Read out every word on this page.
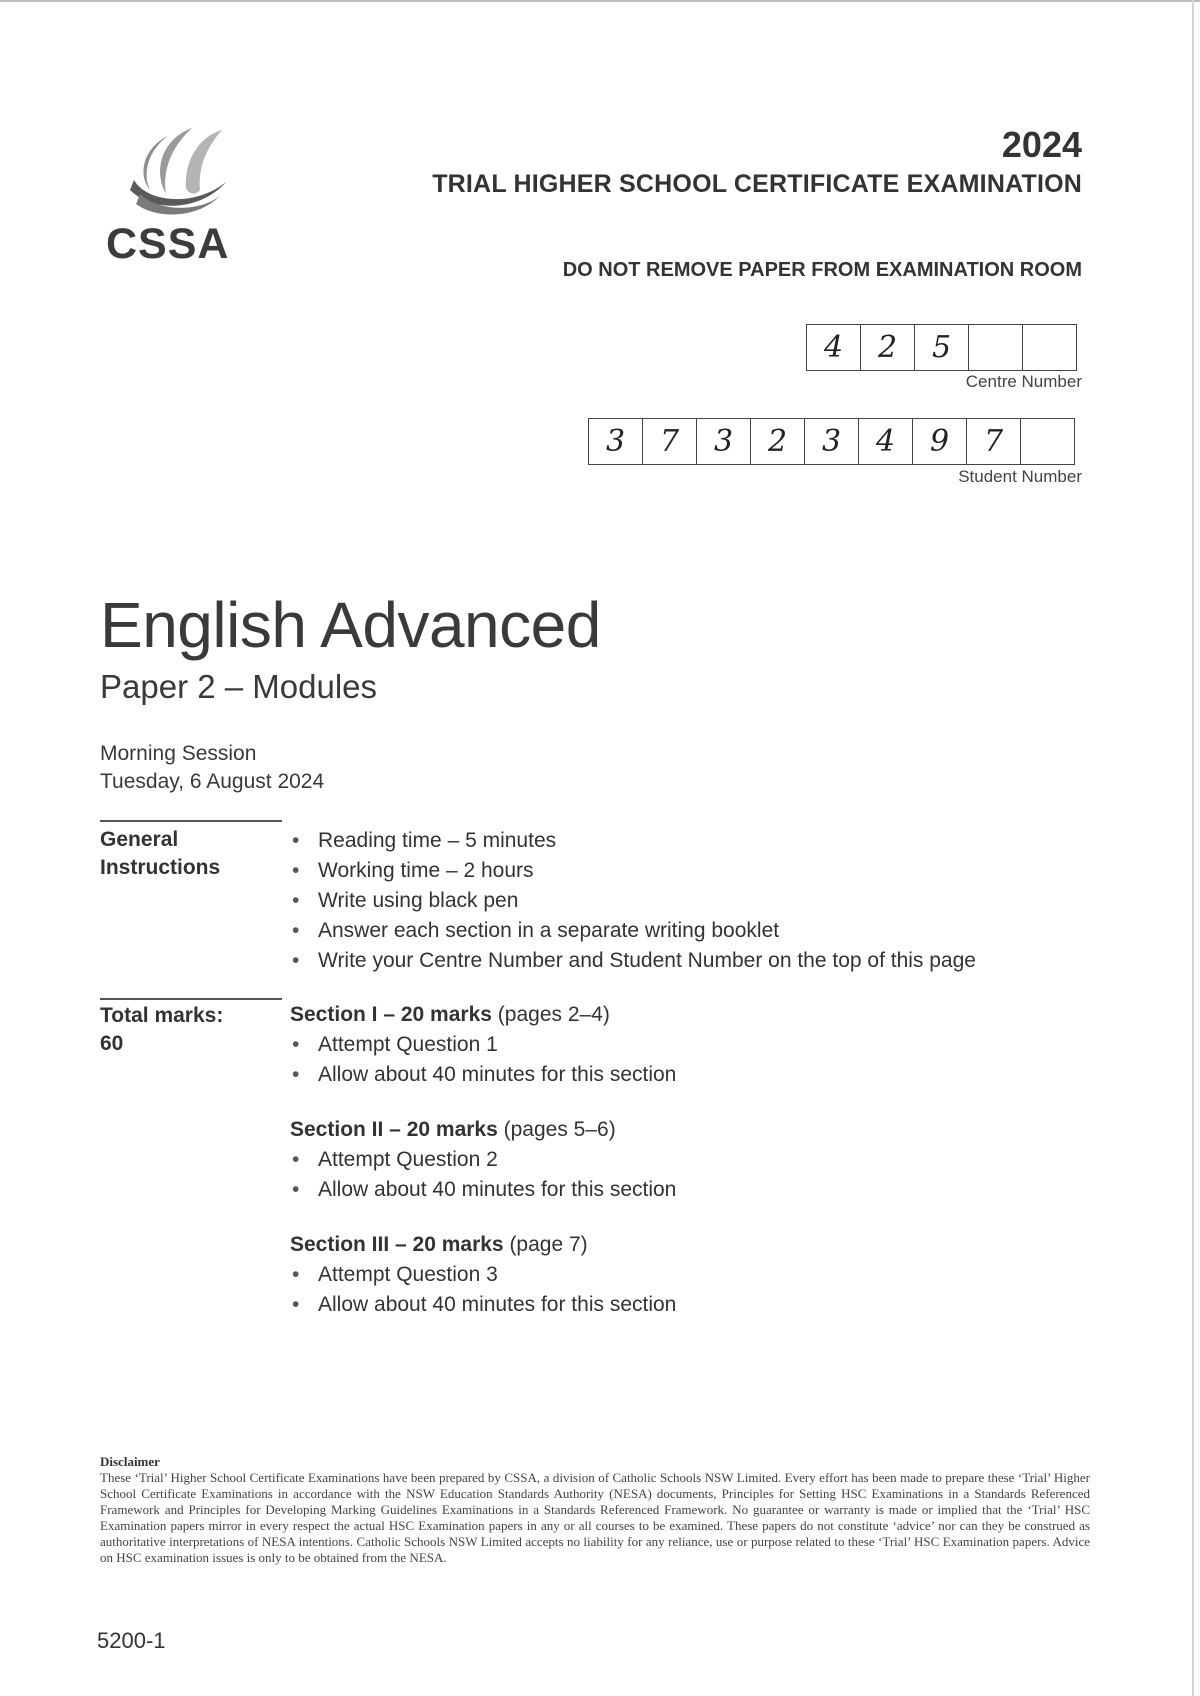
CSSA
2024
TRIAL HIGHER SCHOOL CERTIFICATE EXAMINATION
DO NOT REMOVE PAPER FROM EXAMINATION ROOM
4	2	5
Centre Number
3	7	3	2	3	4	9	7
Student Number
English Advanced
Paper 2 – Modules
Morning Session
Tuesday, 6 August 2024
General
Instructions
• Reading time – 5 minutes
• Working time – 2 hours
• Write using black pen
• Answer each section in a separate writing booklet
• Write your Centre Number and Student Number on the top of this page
Total marks:
60
Section I – 20 marks (pages 2–4)
• Attempt Question 1
• Allow about 40 minutes for this section
Section II – 20 marks (pages 5–6)
• Attempt Question 2
• Allow about 40 minutes for this section
Section III – 20 marks (page 7)
• Attempt Question 3
• Allow about 40 minutes for this section
Disclaimer
These ‘Trial’ Higher School Certificate Examinations have been prepared by CSSA, a division of Catholic Schools NSW Limited. Every effort has been made to prepare these ‘Trial’ Higher School Certificate Examinations in accordance with the NSW Education Standards Authority (NESA) documents, Principles for Setting HSC Examinations in a Standards Referenced Framework and Principles for Developing Marking Guidelines Examinations in a Standards Referenced Framework. No guarantee or warranty is made or implied that the ‘Trial’ HSC Examination papers mirror in every respect the actual HSC Examination papers in any or all courses to be examined. These papers do not constitute ‘advice’ nor can they be construed as authoritative interpretations of NESA intentions. Catholic Schools NSW Limited accepts no liability for any reliance, use or purpose related to these ‘Trial’ HSC Examination papers. Advice on HSC examination issues is only to be obtained from the NESA.
5200-1
